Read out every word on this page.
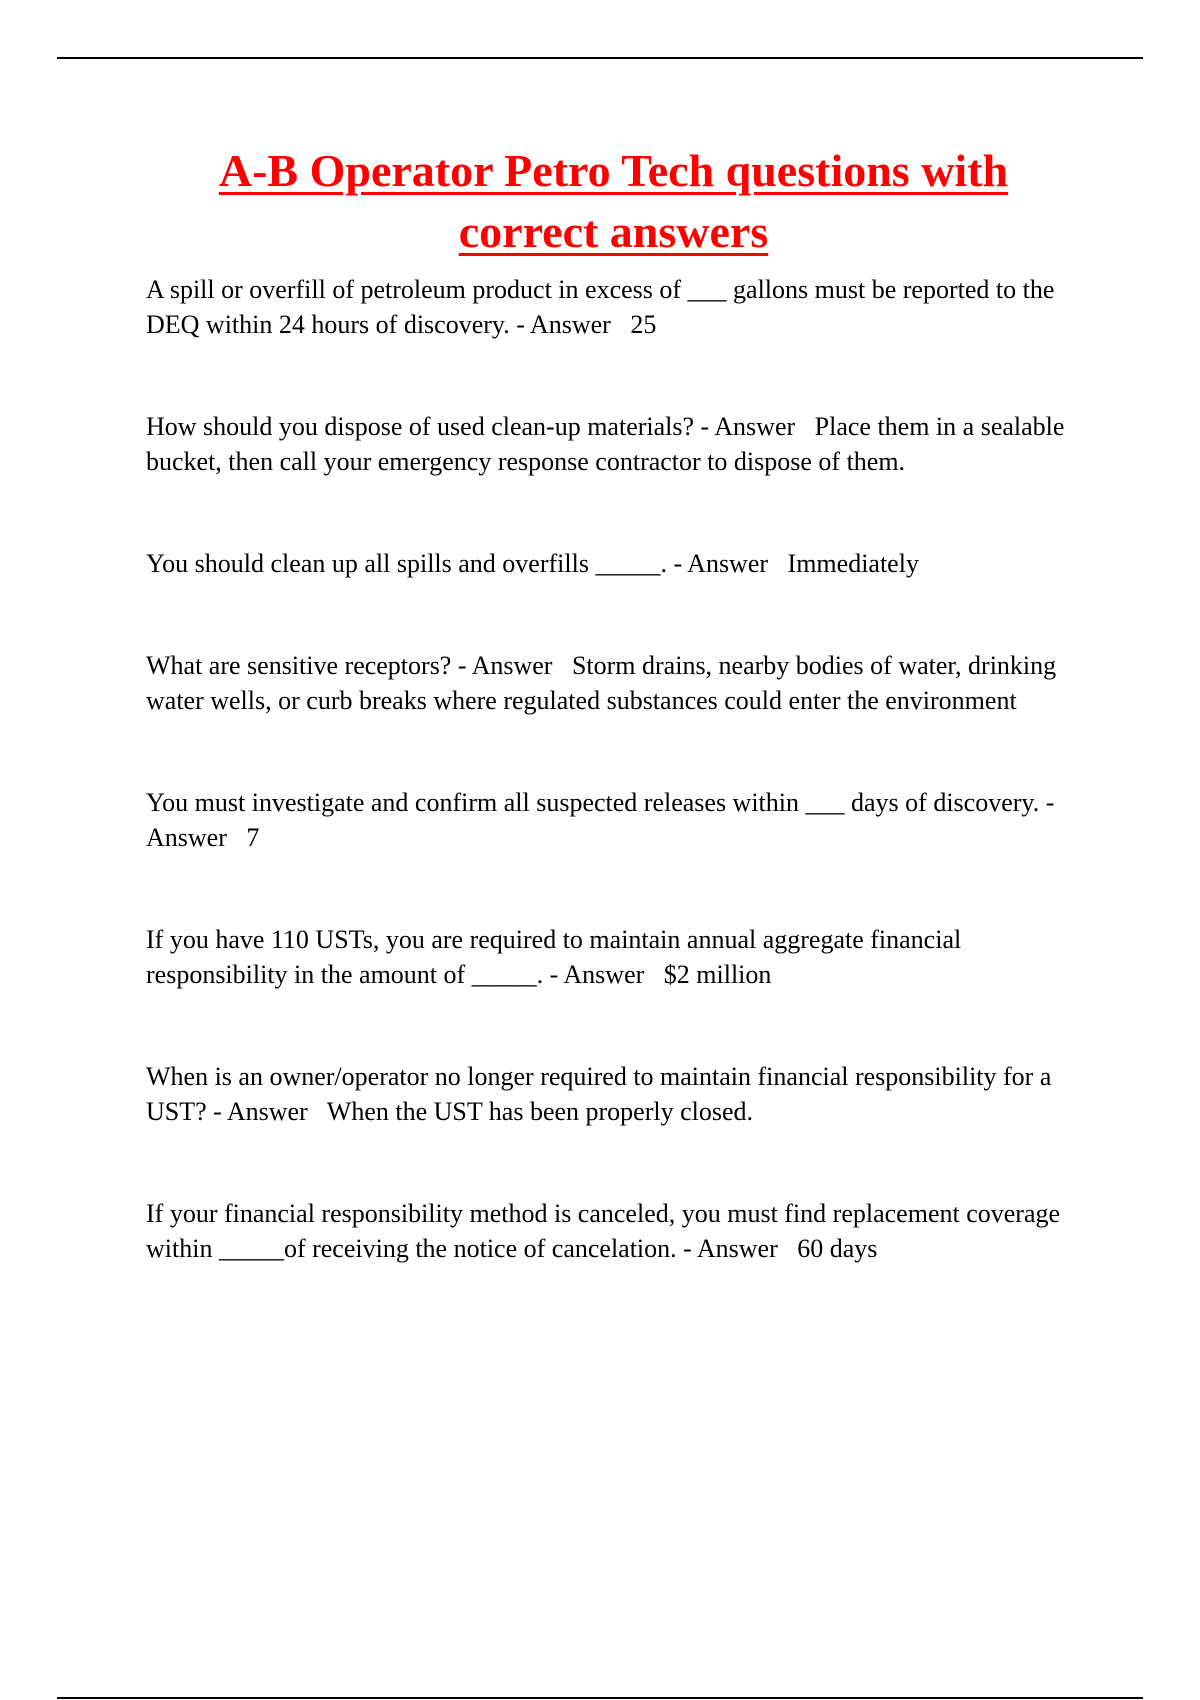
A-B Operator Petro Tech questions with correct answers

A spill or overfill of petroleum product in excess of ___ gallons must be reported to the DEQ within 24 hours of discovery. - Answer 25

How should you dispose of used clean-up materials? - Answer Place them in a sealable bucket, then call your emergency response contractor to dispose of them.

You should clean up all spills and overfills _____. - Answer Immediately

What are sensitive receptors? - Answer Storm drains, nearby bodies of water, drinking water wells, or curb breaks where regulated substances could enter the environment

You must investigate and confirm all suspected releases within ___ days of discovery. - Answer 7

If you have 110 USTs, you are required to maintain annual aggregate financial responsibility in the amount of _____. - Answer $2 million

When is an owner/operator no longer required to maintain financial responsibility for a UST? - Answer When the UST has been properly closed.

If your financial responsibility method is canceled, you must find replacement coverage within _____of receiving the notice of cancelation. - Answer 60 days
